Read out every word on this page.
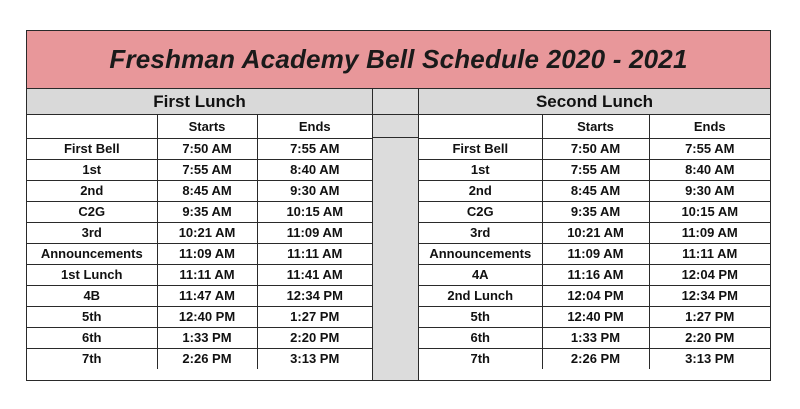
Freshman Academy Bell Schedule 2020 - 2021
First Lunch
	Starts	Ends
First Bell	7:50 AM	7:55 AM
1st	7:55 AM	8:40 AM
2nd	8:45 AM	9:30 AM
C2G	9:35 AM	10:15 AM
3rd	10:21 AM	11:09 AM
Announcements	11:09 AM	11:11 AM
1st Lunch	11:11 AM	11:41 AM
4B	11:47 AM	12:34 PM
5th	12:40 PM	1:27 PM
6th	1:33 PM	2:20 PM
7th	2:26 PM	3:13 PM
Second Lunch
	Starts	Ends
First Bell	7:50 AM	7:55 AM
1st	7:55 AM	8:40 AM
2nd	8:45 AM	9:30 AM
C2G	9:35 AM	10:15 AM
3rd	10:21 AM	11:09 AM
Announcements	11:09 AM	11:11 AM
4A	11:16 AM	12:04 PM
2nd Lunch	12:04 PM	12:34 PM
5th	12:40 PM	1:27 PM
6th	1:33 PM	2:20 PM
7th	2:26 PM	3:13 PM
